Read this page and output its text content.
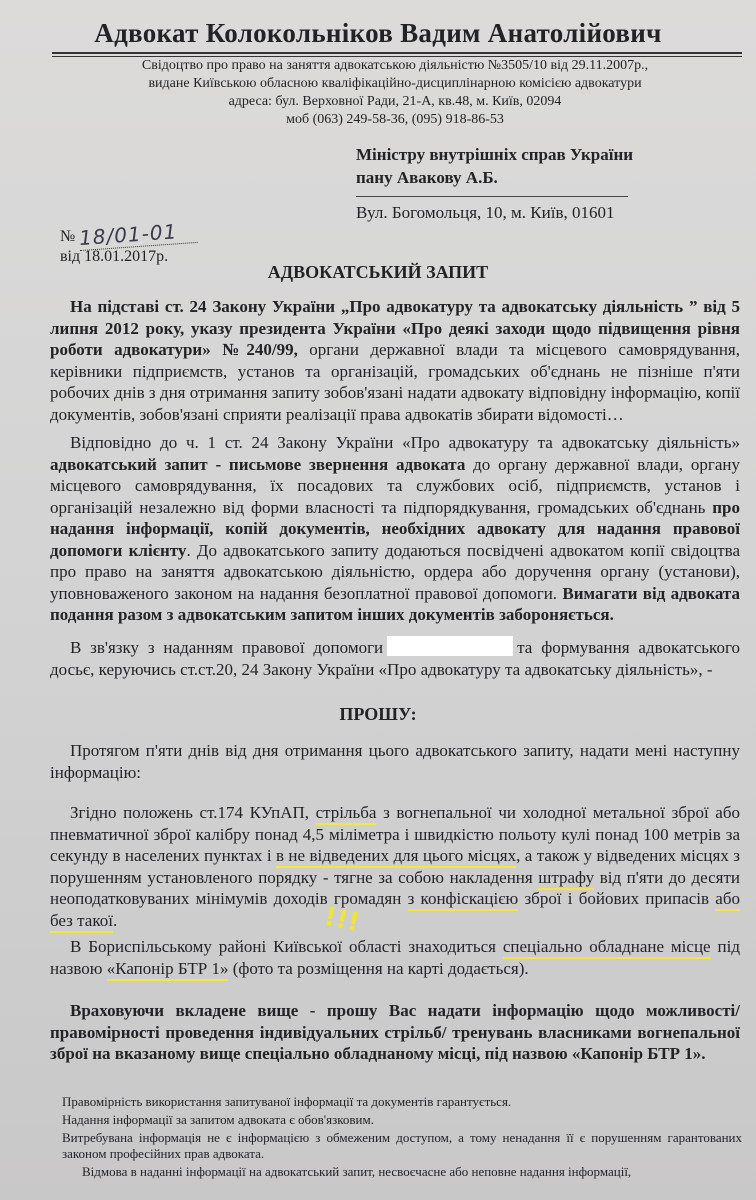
Адвокат Колокольніков Вадим Анатолійович
Свідоцтво про право на заняття адвокатською діяльністю №3505/10 від 29.11.2007р.,
видане Київською обласною кваліфікаційно-дисциплінарною комісією адвокатури
адреса: бул. Верховної Ради, 21-А, кв.48, м. Київ, 02094
моб (063) 249-58-36, (095) 918-86-53
Міністру внутрішніх справ України
пану Авакову А.Б.
Вул. Богомольця, 10, м. Київ, 01601
№ 18/01-01
від 18.01.2017р.
АДВОКАТСЬКИЙ ЗАПИТ

На підставі ст. 24 Закону України „Про адвокатуру та адвокатську діяльність ” від 5 липня 2012 року, указу президента України «Про деякі заходи щодо підвищення рівня роботи адвокатури» №240/99, органи державної влади та місцевого самоврядування, керівники підприємств, установ та організацій, громадських об'єднань не пізніше п'яти робочих днів з дня отримання запиту зобов'язані надати адвокату відповідну інформацію, копії документів, зобов'язані сприяти реалізації права адвокатів збирати відомості…

Відповідно до ч. 1 ст. 24 Закону України «Про адвокатуру та адвокатську діяльність» адвокатський запит - письмове звернення адвоката до органу державної влади, органу місцевого самоврядування, їх посадових та службових осіб, підприємств, установ і організацій незалежно від форми власності та підпорядкування, громадських об'єднань про надання інформації, копій документів, необхідних адвокату для надання правової допомоги клієнту. До адвокатського запиту додаються посвідчені адвокатом копії свідоцтва про право на заняття адвокатською діяльністю, ордера або доручення органу (установи), уповноваженого законом на надання безоплатної правової допомоги. Вимагати від адвоката подання разом з адвокатським запитом інших документів забороняється.

В зв'язку з наданням правової допомоги	та формування адвокатського досьє, керуючись ст.ст.20, 24 Закону України «Про адвокатуру та адвокатську діяльність», -

ПРОШУ:

Протягом п'яти днів від дня отримання цього адвокатського запиту, надати мені наступну інформацію:

Згідно положень ст.174 КУпАП, стрільба з вогнепальної чи холодної метальної зброї або пневматичної зброї калібру понад 4,5 міліметра і швидкістю польоту кулі понад 100 метрів за секунду в населених пунктах і в не відведених для цього місцях, а також у відведених місцях з порушенням установленого порядку - тягне за собою накладення штрафу від п'яти до десяти неоподатковуваних мінімумів доходів громадян з конфіскацією зброї і бойових припасів або без такої.	!!!

В Бориспільському районі Київської області знаходиться спеціально обладнане місце під назвою «Капонір БТР 1» (фото та розміщення на карті додається).

Враховуючи вкладене вище - прошу Вас надати інформацію щодо можливості/ правомірності проведення індивідуальних стрільб/ тренувань власниками вогнепальної зброї на вказаному вище спеціально обладнаному місці, під назвою «Капонір БТР 1».

Правомірність використання запитуваної інформації та документів гарантується.

Надання інформації за запитом адвоката є обов'язковим.

Витребувана інформація не є інформацією з обмеженим доступом, а тому ненадання її є порушенням гарантованих законом професійних прав адвоката.

Відмова в наданні інформації на адвокатський запит, несвоєчасне або неповне надання інформації,
